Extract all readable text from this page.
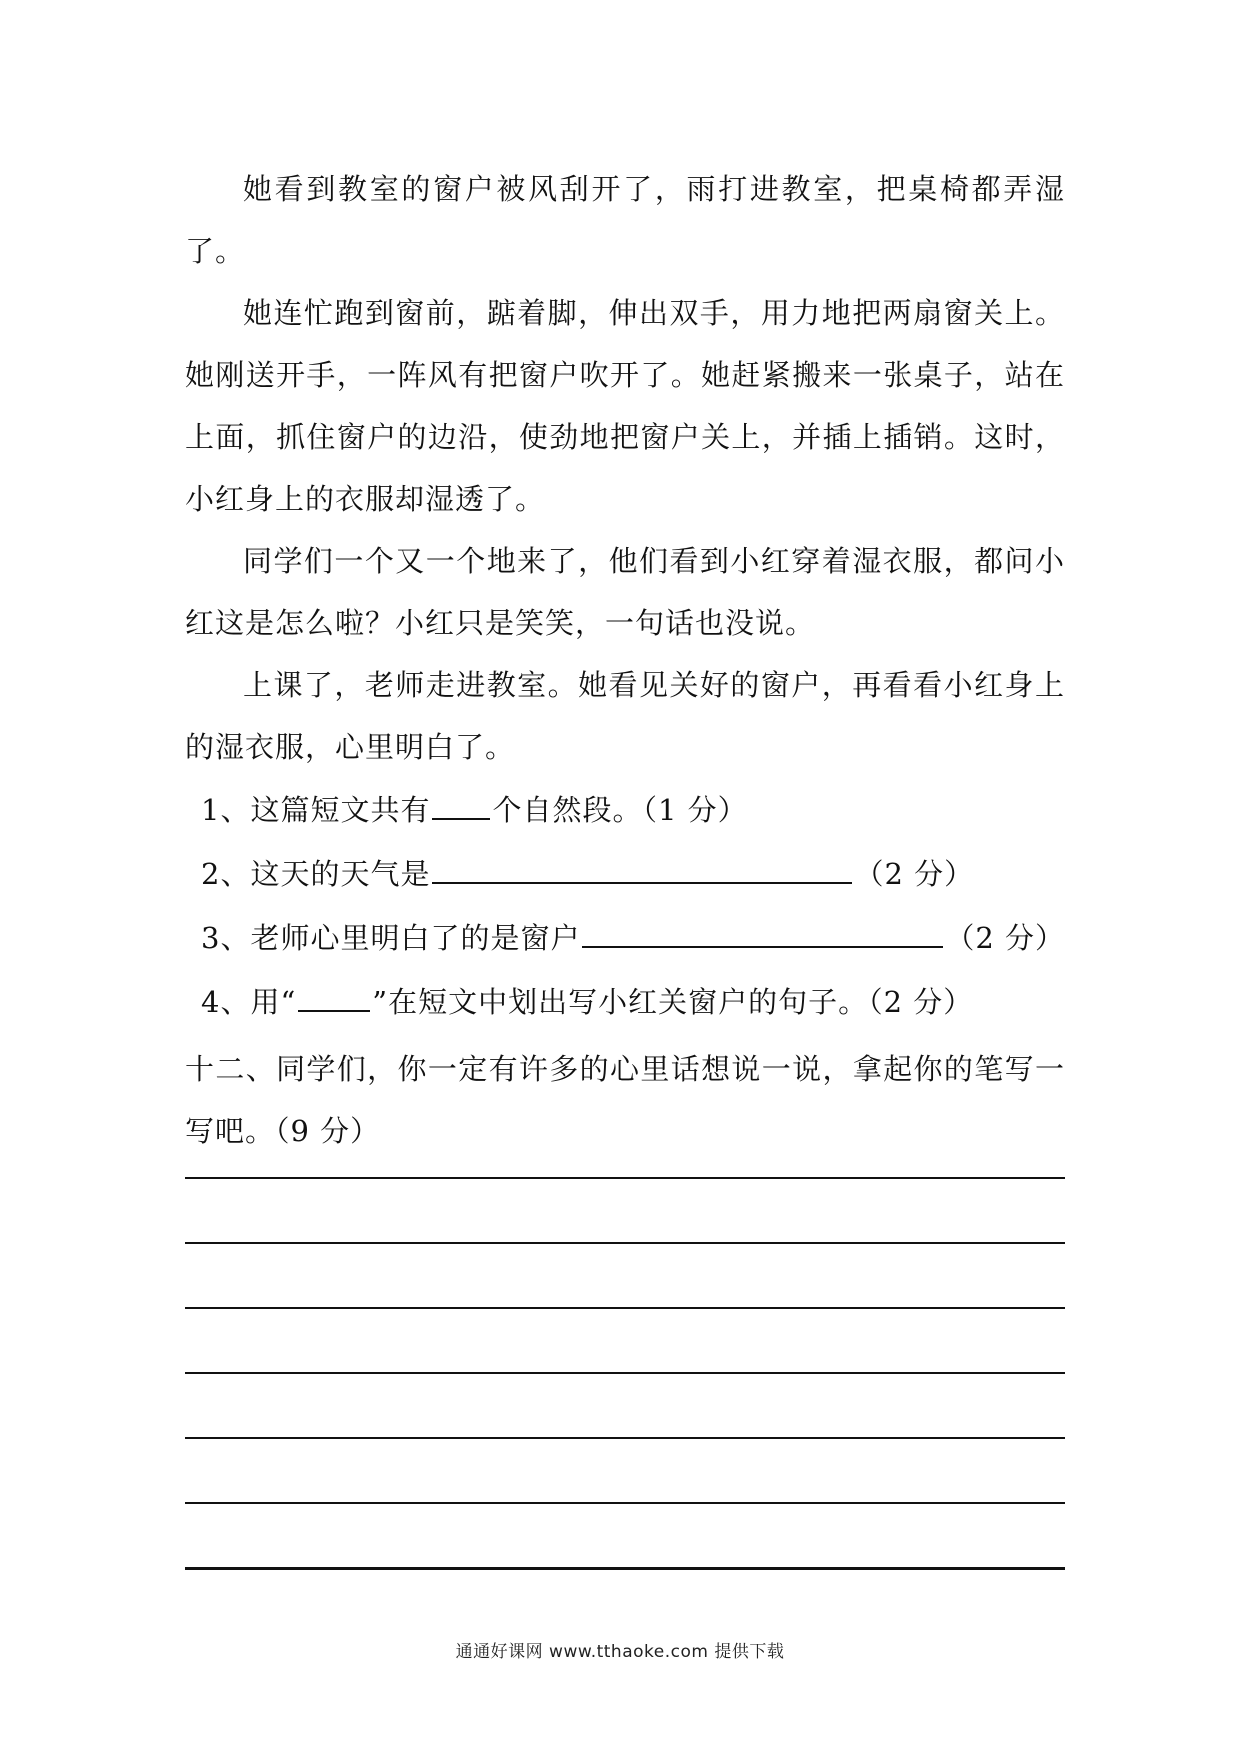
她看到教室的窗户被风刮开了，雨打进教室，把桌椅都弄湿了。

她连忙跑到窗前，踮着脚，伸出双手，用力地把两扇窗关上。她刚送开手，一阵风有把窗户吹开了。她赶紧搬来一张桌子，站在上面，抓住窗户的边沿，使劲地把窗户关上，并插上插销。这时，小红身上的衣服却湿透了。

同学们一个又一个地来了，他们看到小红穿着湿衣服，都问小红这是怎么啦？小红只是笑笑，一句话也没说。

上课了，老师走进教室。她看见关好的窗户，再看看小红身上的湿衣服，心里明白了。

1、这篇短文共有 个自然段。（1 分）

2、这天的天气是	（2 分）

3、老师心里明白了的是窗户	（2 分）

4、用“	”在短文中划出写小红关窗户的句子。（2 分）

十二、同学们，你一定有许多的心里话想说一说，拿起你的笔写一写吧。（9 分）

通通好课网 www.tthaoke.com 提供下载
